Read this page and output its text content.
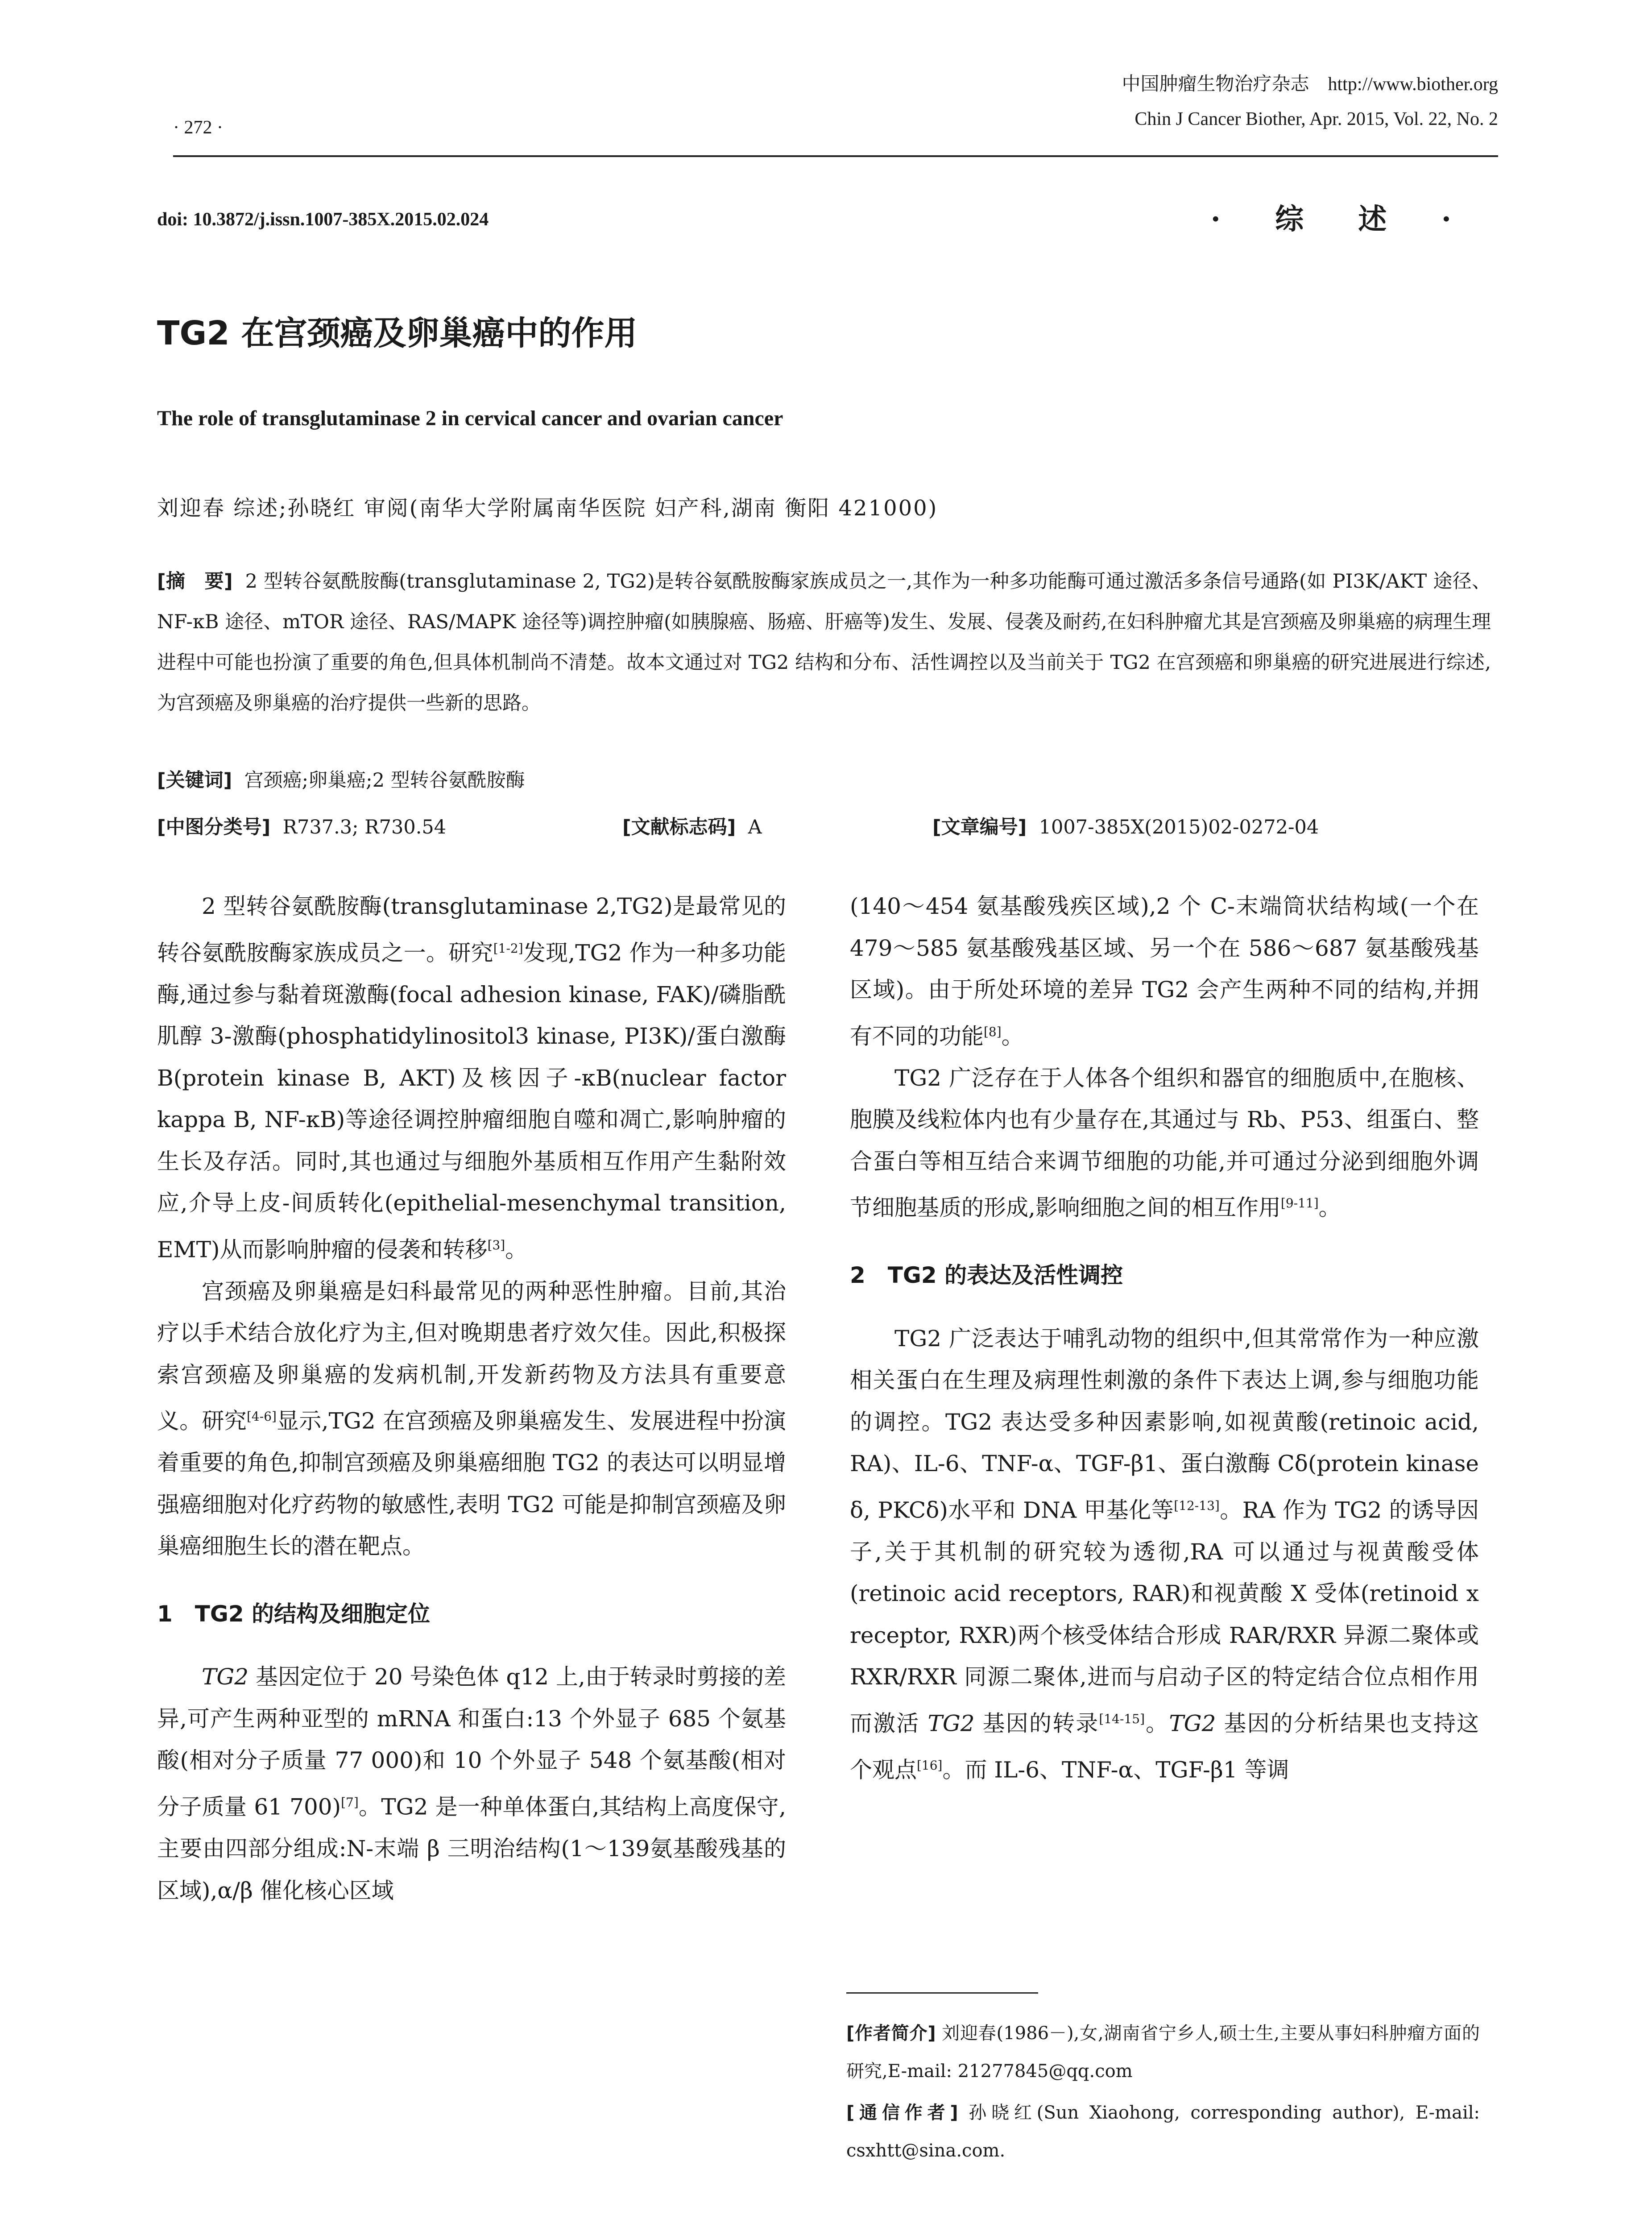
· 272 ·
中国肿瘤生物治疗杂志　http://www.biother.org
Chin J Cancer Biother, Apr. 2015, Vol. 22, No. 2
doi: 10.3872/j.issn.1007-385X.2015.02.024	· 综 述 ·
TG2 在宫颈癌及卵巢癌中的作用
The role of transglutaminase 2 in cervical cancer and ovarian cancer
刘迎春 综述;孙晓红 审阅(南华大学附属南华医院 妇产科,湖南 衡阳 421000)
[摘　要] 2 型转谷氨酰胺酶(transglutaminase 2, TG2)是转谷氨酰胺酶家族成员之一,其作为一种多功能酶可通过激活多条信号通路(如 PI3K/AKT 途径、NF-κB 途径、mTOR 途径、RAS/MAPK 途径等)调控肿瘤(如胰腺癌、肠癌、肝癌等)发生、发展、侵袭及耐药,在妇科肿瘤尤其是宫颈癌及卵巢癌的病理生理进程中可能也扮演了重要的角色,但具体机制尚不清楚。故本文通过对 TG2 结构和分布、活性调控以及当前关于 TG2 在宫颈癌和卵巢癌的研究进展进行综述,为宫颈癌及卵巢癌的治疗提供一些新的思路。
[关键词] 宫颈癌;卵巢癌;2 型转谷氨酰胺酶
[中图分类号] R737.3; R730.54	[文献标志码] A	[文章编号] 1007-385X(2015)02-0272-04

2 型转谷氨酰胺酶(transglutaminase 2,TG2)是最常见的转谷氨酰胺酶家族成员之一。研究[1-2]发现,TG2 作为一种多功能酶,通过参与黏着斑激酶(focal adhesion kinase, FAK)/磷脂酰肌醇 3-激酶(phosphatidylinositol3 kinase, PI3K)/蛋白激酶 B(protein kinase B, AKT)及核因子-κB(nuclear factor kappa B, NF-κB)等途径调控肿瘤细胞自噬和凋亡,影响肿瘤的生长及存活。同时,其也通过与细胞外基质相互作用产生黏附效应,介导上皮-间质转化(epithelial-mesenchymal transition, EMT)从而影响肿瘤的侵袭和转移[3]。

宫颈癌及卵巢癌是妇科最常见的两种恶性肿瘤。目前,其治疗以手术结合放化疗为主,但对晚期患者疗效欠佳。因此,积极探索宫颈癌及卵巢癌的发病机制,开发新药物及方法具有重要意义。研究[4-6]显示,TG2 在宫颈癌及卵巢癌发生、发展进程中扮演着重要的角色,抑制宫颈癌及卵巢癌细胞 TG2 的表达可以明显增强癌细胞对化疗药物的敏感性,表明 TG2 可能是抑制宫颈癌及卵巢癌细胞生长的潜在靶点。

1　TG2 的结构及细胞定位

TG2 基因定位于 20 号染色体 q12 上,由于转录时剪接的差异,可产生两种亚型的 mRNA 和蛋白:13 个外显子 685 个氨基酸(相对分子质量 77 000)和 10 个外显子 548 个氨基酸(相对分子质量 61 700)[7]。TG2 是一种单体蛋白,其结构上高度保守,主要由四部分组成:N-末端 β 三明治结构(1～139氨基酸残基的区域),α/β 催化核心区域

(140～454 氨基酸残疾区域),2 个 C-末端筒状结构域(一个在 479～585 氨基酸残基区域、另一个在 586～687 氨基酸残基区域)。由于所处环境的差异 TG2 会产生两种不同的结构,并拥有不同的功能[8]。

TG2 广泛存在于人体各个组织和器官的细胞质中,在胞核、胞膜及线粒体内也有少量存在,其通过与 Rb、P53、组蛋白、整合蛋白等相互结合来调节细胞的功能,并可通过分泌到细胞外调节细胞基质的形成,影响细胞之间的相互作用[9-11]。

2　TG2 的表达及活性调控

TG2 广泛表达于哺乳动物的组织中,但其常常作为一种应激相关蛋白在生理及病理性刺激的条件下表达上调,参与细胞功能的调控。TG2 表达受多种因素影响,如视黄酸(retinoic acid, RA)、IL-6、TNF-α、TGF-β1、蛋白激酶 Cδ(protein kinase δ, PKCδ)水平和 DNA 甲基化等[12-13]。RA 作为 TG2 的诱导因子,关于其机制的研究较为透彻,RA 可以通过与视黄酸受体(retinoic acid receptors, RAR)和视黄酸 X 受体(retinoid x receptor, RXR)两个核受体结合形成 RAR/RXR 异源二聚体或 RXR/RXR 同源二聚体,进而与启动子区的特定结合位点相作用而激活 TG2 基因的转录[14-15]。TG2 基因的分析结果也支持这个观点[16]。而 IL-6、TNF-α、TGF-β1 等调

[作者简介] 刘迎春(1986－),女,湖南省宁乡人,硕士生,主要从事妇科肿瘤方面的研究,E-mail: 21277845@qq.com

[通信作者] 孙晓红(Sun Xiaohong, corresponding author), E-mail: csxhtt@sina.com.
